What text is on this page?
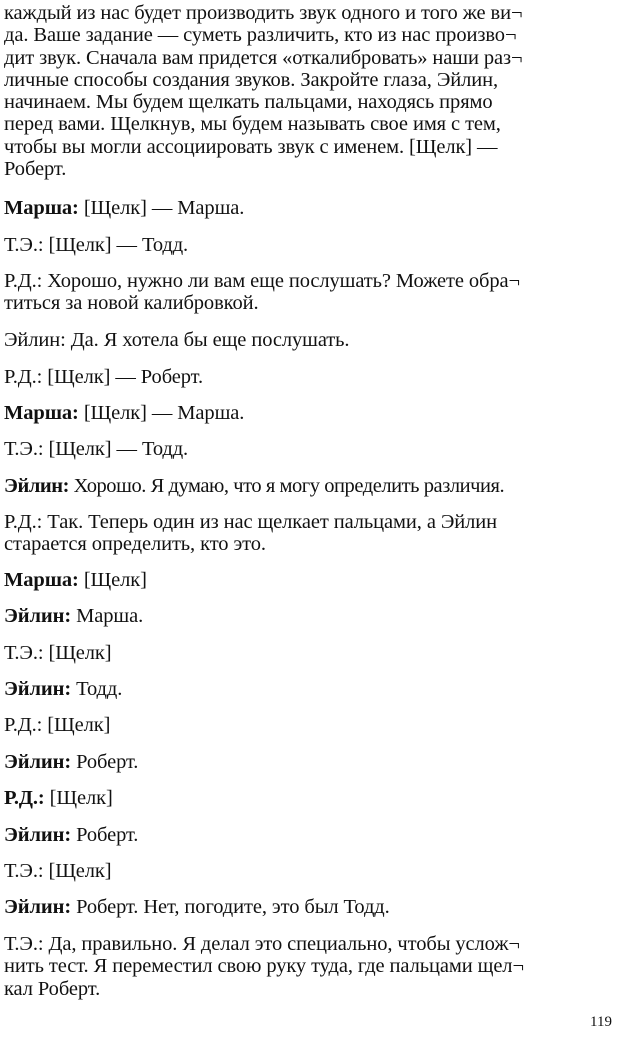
каждый из нас будет производить звук одного и того же ви¬
да. Ваше задание — суметь различить, кто из нас произво¬
дит звук. Сначала вам придется «откалибровать» наши раз¬
личные способы создания звуков. Закройте глаза, Эйлин,
начинаем. Мы будем щелкать пальцами, находясь прямо
перед вами. Щелкнув, мы будем называть свое имя с тем,
чтобы вы могли ассоциировать звук с именем. [Щелк] —
Роберт.

Марша: [Щелк] — Марша.

Т.Э.: [Щелк] — Тодд.

Р.Д.: Хорошо, нужно ли вам еще послушать? Можете обра¬
титься за новой калибровкой.

Эйлин: Да. Я хотела бы еще послушать.

Р.Д.: [Щелк] — Роберт.

Марша: [Щелк] — Марша.

Т.Э.: [Щелк] — Тодд.

Эйлин: Хорошо. Я думаю, что я могу определить различия.

Р.Д.: Так. Теперь один из нас щелкает пальцами, а Эйлин
старается определить, кто это.

Марша: [Щелк]

Эйлин: Марша.

Т.Э.: [Щелк]

Эйлин: Тодд.

Р.Д.: [Щелк]

Эйлин: Роберт.

Р.Д.: [Щелк]

Эйлин: Роберт.

Т.Э.: [Щелк]

Эйлин: Роберт. Нет, погодите, это был Тодд.

Т.Э.: Да, правильно. Я делал это специально, чтобы услож¬
нить тест. Я переместил свою руку туда, где пальцами щел¬
кал Роберт.

119
